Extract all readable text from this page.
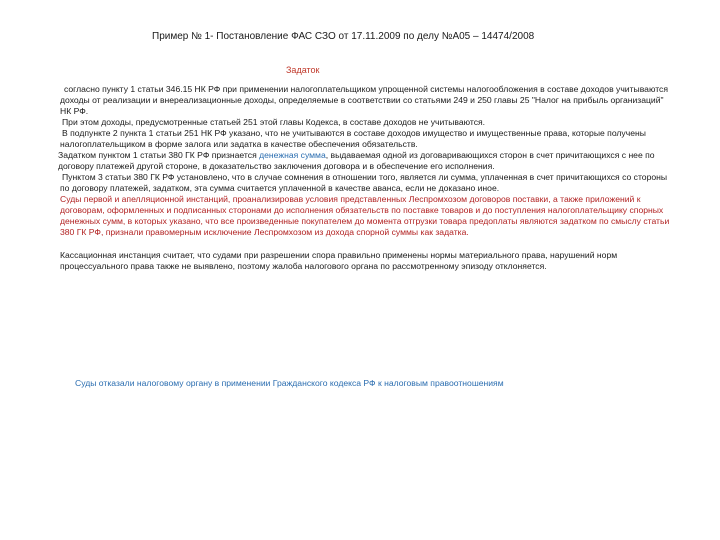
Пример № 1- Постановление ФАС СЗО от 17.11.2009 по делу №А05 – 14474/2008
Задаток

согласно пункту 1 статьи 346.15 НК РФ при применении налогоплательщиком упрощенной системы налогообложения в составе доходов учитываются доходы от реализации и внереализационные доходы, определяемые в соответствии со статьями 249 и 250 главы 25 "Налог на прибыль организаций" НК РФ.

При этом доходы, предусмотренные статьей 251 этой главы Кодекса, в составе доходов не учитываются.

В подпункте 2 пункта 1 статьи 251 НК РФ указано, что не учитываются в составе доходов имущество и имущественные права, которые получены налогоплательщиком в форме залога или задатка в качестве обеспечения обязательств.

Задатком пунктом 1 статьи 380 ГК РФ признается денежная сумма, выдаваемая одной из договаривающихся сторон в счет причитающихся с нее по договору платежей другой стороне, в доказательство заключения договора и в обеспечение его исполнения.

Пунктом 3 статьи 380 ГК РФ установлено, что в случае сомнения в отношении того, является ли сумма, уплаченная в счет причитающихся со стороны по договору платежей, задатком, эта сумма считается уплаченной в качестве аванса, если не доказано иное.

Суды первой и апелляционной инстанций, проанализировав условия представленных Леспромхозом договоров поставки, а также приложений к договорам, оформленных и подписанных сторонами до исполнения обязательств по поставке товаров и до поступления налогоплательщику спорных денежных сумм, в которых указано, что все произведенные покупателем до момента отгрузки товара предоплаты являются задатком по смыслу статьи 380 ГК РФ, признали правомерным исключение Леспромхозом из дохода спорной суммы как задатка.

Кассационная инстанция считает, что судами при разрешении спора правильно применены нормы материального права, нарушений норм процессуального права также не выявлено, поэтому жалоба налогового органа по рассмотренному эпизоду отклоняется.

Суды отказали налоговому органу в применении Гражданского кодекса РФ к налоговым правоотношениям
